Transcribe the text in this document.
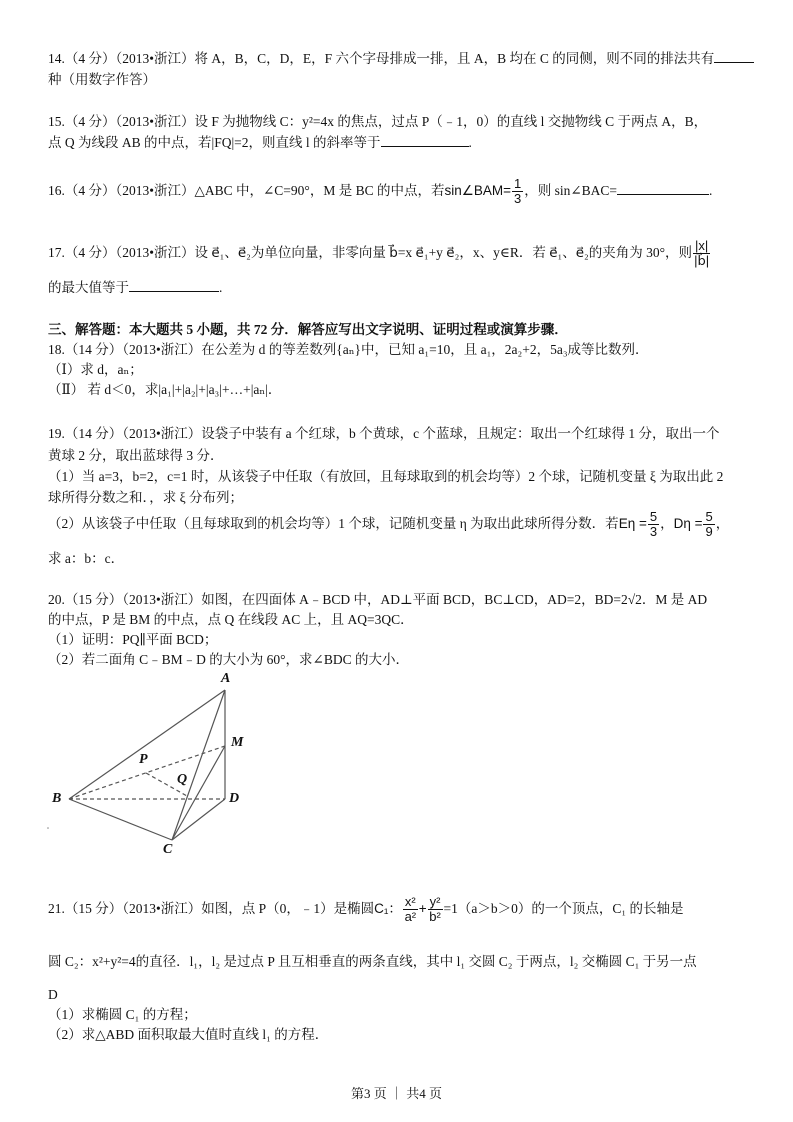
14.（4 分）（2013•浙江）将 A，B，C，D，E，F 六个字母排成一排，且 A，B 均在 C 的同侧，则不同的排法共有
种（用数字作答）
15.（4 分）（2013•浙江）设 F 为抛物线 C：y²=4x 的焦点，过点 P（﹣1，0）的直线 l 交抛物线 C 于两点 A，B，
点 Q 为线段 AB 的中点，若|FQ|=2，则直线 l 的斜率等于	.
16.（4 分）（2013•浙江）△ABC 中，∠C=90°，M 是 BC 的中点，若sin∠BAM= $\frac{1}{3}$ ，则 sin∠BAC=	.
17.（4 分）（2013•浙江）设 e⃗₁、e⃗₂为单位向量，非零向量 b⃗=x e⃗₁+y e⃗₂，x、y∈R．若 e⃗₁、e⃗₂的夹角为 30°，则 $\frac{|x|}{|b⃗|}$
的最大值等于	.
三、解答题：本大题共 5 小题，共 72 分．解答应写出文字说明、证明过程或演算步骤．
18.（14 分）（2013•浙江）在公差为 d 的等差数列{aₙ}中，已知 a₁=10，且 a₁，2a₂+2，5a₃成等比数列．
（Ⅰ）求 d，aₙ；
（Ⅱ） 若 d＜0，求|a₁|+|a₂|+|a₃|+…+|aₙ|．
19.（14 分）（2013•浙江）设袋子中装有 a 个红球，b 个黄球，c 个蓝球，且规定：取出一个红球得 1 分，取出一个
黄球 2 分，取出蓝球得 3 分．
（1）当 a=3，b=2，c=1 时，从该袋子中任取（有放回，且每球取到的机会均等）2 个球，记随机变量 ξ 为取出此 2
球所得分数之和．，求 ξ 分布列；
（2）从该袋子中任取（且每球取到的机会均等）1 个球，记随机变量 η 为取出此球所得分数．若$E\eta = \frac{5}{3}$ ，$D\eta = \frac{5}{9}$ ，
求 a：b：c．
20.（15 分）（2013•浙江）如图，在四面体 A﹣BCD 中，AD⊥平面 BCD，BC⊥CD，AD=2，BD=2√2．M 是 AD
的中点，P 是 BM 的中点，点 Q 在线段 AC 上，且 AQ=3QC．
（1）证明：PQ∥平面 BCD；
（2）若二面角 C﹣BM﹣D 的大小为 60°，求∠BDC 的大小．
A
M
P
Q
B	D
C
21.（15 分）（2013•浙江）如图，点 P（0，﹣1）是椭圆C₁： $\frac{\text{x²}}{\text{a²}} + \frac{\text{y²}}{\text{b²}} =1(a>b>0)$的一个顶点，C₁ 的长轴是
圆 C₂：x²+y²=4的直径．l₁，l₂ 是过点 P 且互相垂直的两条直线，其中 l₁ 交圆 C₂ 于两点，l₂ 交椭圆 C₁ 于另一点
D
（1）求椭圆 C₁ 的方程；
（2）求△ABD 面积取最大值时直线 l₁ 的方程．
第3 页 ｜ 共4 页
